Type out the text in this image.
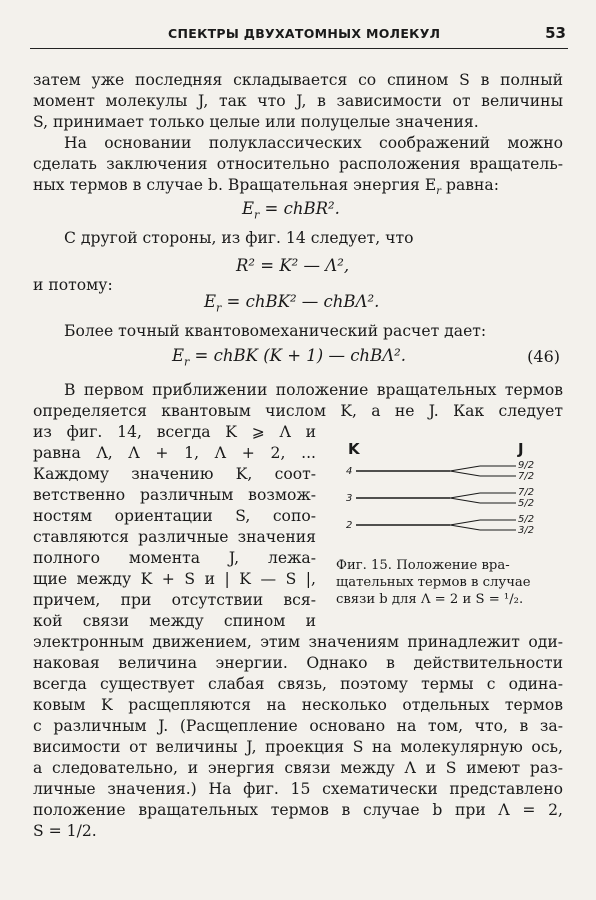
СПЕКТРЫ ДВУХАТОМНЫХ МОЛЕКУЛ	53
затем уже последняя складывается со спином S в полный
момент молекулы J, так что J, в зависимости от величины
S, принимает только целые или полуцелые значения.
На основании полуклассических соображений можно
сделать заключения относительно расположения вращатель-
ных термов в случае b. Вращательная энергия $E_r$ равна:
$E_r$ = chBR².
С другой стороны, из фиг. 14 следует, что
R² = K² — Λ²,
и потому:
$E_r$ = chBK² — chBΛ².
Более точный квантовомеханический расчет дает:
$E_r$ = chBK (K + 1) — chBΛ².	(46)
В первом приближении положение вращательных термов
определяется квантовым числом K, а не J. Как следует
из фиг. 14, всегда K ⩾ Λ и
равна Λ, Λ + 1, Λ + 2, ...
Каждому значению K, соот-
ветственно различным возмож-
ностям ориентации S, сопо-
ставляются различные значения
полного момента J, лежа-
щие между K + S и | K — S |,
причем, при отсутствии вся-
кой связи между спином и
K	J
4
9/2
7/2
3
7/2
5/2
2
5/2
3/2
Фиг. 15. Положение вра-
щательных термов в случае
связи b для Λ = 2 и S = ¹/₂.
электронным движением, этим значениям принадлежит оди-
наковая величина энергии. Однако в действительности
всегда существует слабая связь, поэтому термы с одина-
ковым K расщепляются на несколько отдельных термов
с различным J. (Расщепление основано на том, что, в за-
висимости от величины J, проекция S на молекулярную ось,
а следовательно, и энергия связи между Λ и S имеют раз-
личные значения.) На фиг. 15 схематически представлено
положение вращательных термов в случае b при Λ = 2,
S = 1/2.
